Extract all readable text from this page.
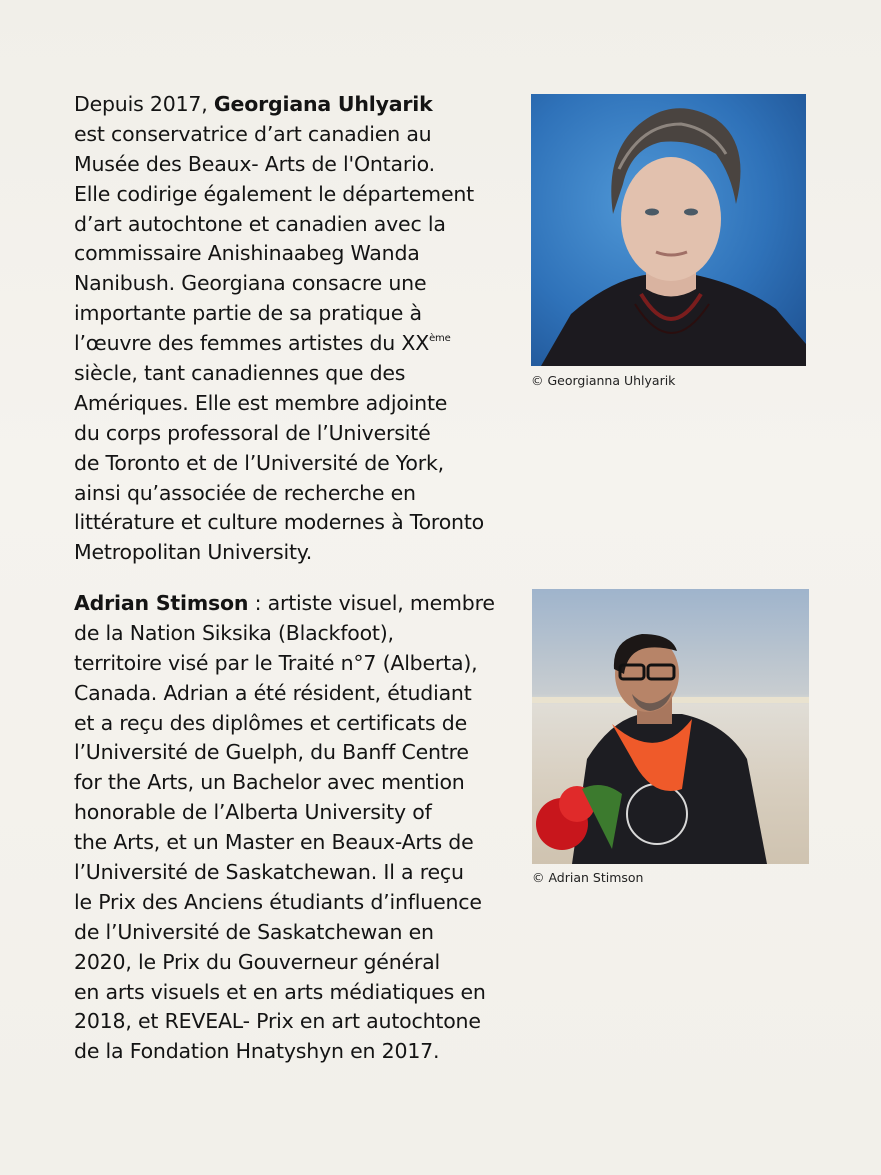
Depuis 2017, Georgiana Uhlyarik
est conservatrice d’art canadien au
Musée des Beaux- Arts de l'Ontario.
Elle codirige également le département
d’art autochtone et canadien avec la
commissaire Anishinaabeg Wanda
Nanibush. Georgiana consacre une
importante partie de sa pratique à
l’œuvre des femmes artistes du XXème
siècle, tant canadiennes que des
Amériques. Elle est membre adjointe
du corps professoral de l’Université
de Toronto et de l’Université de York,
ainsi qu’associée de recherche en
littérature et culture modernes à Toronto
Metropolitan University.
© Georgianna Uhlyarik
Adrian Stimson : artiste visuel, membre
de la Nation Siksika (Blackfoot),
territoire visé par le Traité n°7 (Alberta),
Canada. Adrian a été résident, étudiant
et a reçu des diplômes et certificats de
l’Université de Guelph, du Banff Centre
for the Arts, un Bachelor avec mention
honorable de l’Alberta University of
the Arts, et un Master en Beaux-Arts de
l’Université de Saskatchewan. Il a reçu
le Prix des Anciens étudiants d’influence
de l’Université de Saskatchewan en
2020, le Prix du Gouverneur général
en arts visuels et en arts médiatiques en
2018, et REVEAL- Prix en art autochtone
de la Fondation Hnatyshyn en 2017.
© Adrian Stimson
